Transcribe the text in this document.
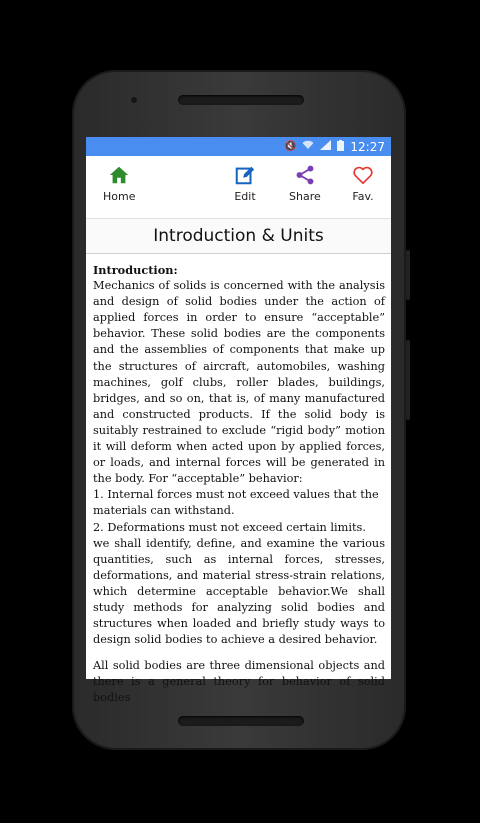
🔇	12:27
Home	Edit	Share	Fav.
Introduction & Units

Introduction:

Mechanics of solids is concerned with the analysis and design of solid bodies under the action of applied forces in order to ensure “acceptable” behavior. These solid bodies are the components and the assemblies of components that make up the structures of aircraft, automobiles, washing machines, golf clubs, roller blades, buildings, bridges, and so on, that is, of many manufactured and constructed products. If the solid body is suitably restrained to exclude “rigid body” motion it will deform when acted upon by applied forces, or loads, and internal forces will be generated in the body. For “acceptable” behavior:

1. Internal forces must not exceed values that the materials can withstand.

2. Deformations must not exceed certain limits.

we shall identify, define, and examine the various quantities, such as internal forces, stresses, deformations, and material stress-strain relations, which determine acceptable behavior.We shall study methods for analyzing solid bodies and structures when loaded and briefly study ways to design solid bodies to achieve a desired behavior.

All solid bodies are three dimensional objects and there is a general theory for behavior of solid bodies
